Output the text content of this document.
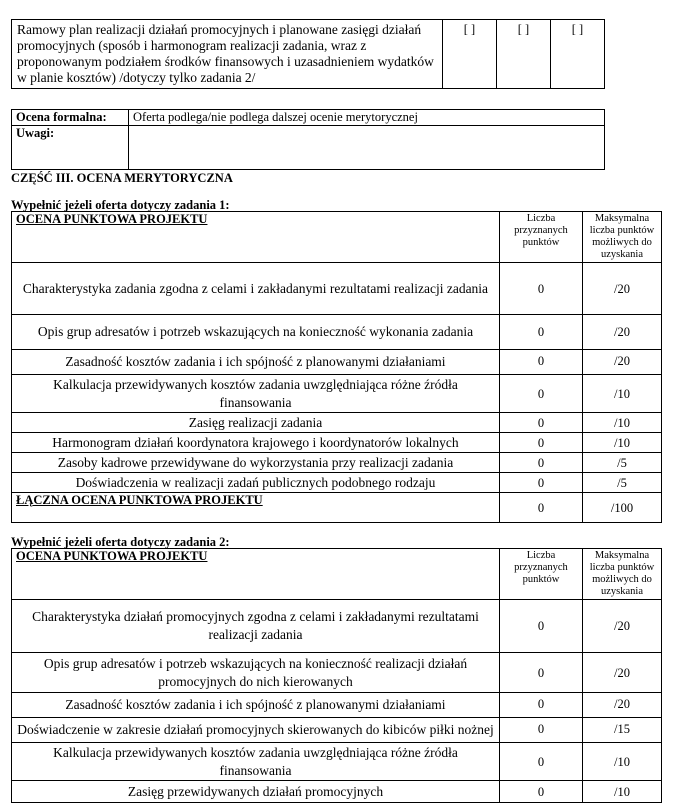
Ramowy plan realizacji działań promocyjnych i planowane zasięgi działań promocyjnych (sposób i harmonogram realizacji zadania, wraz z proponowanym podziałem środków finansowych i uzasadnieniem wydatków w planie kosztów) /dotyczy tylko zadania 2/	[ ]	[ ]	[ ]
Ocena formalna:	Oferta podlega/nie podlega dalszej ocenie merytorycznej
Uwagi:	
CZĘŚĆ III. OCENA MERYTORYCZNA
Wypełnić jeżeli oferta dotyczy zadania 1:
OCENA PUNKTOWA PROJEKTU	Liczba przyznanych punktów	Maksymalna liczba punktów możliwych do uzyskania
Charakterystyka zadania zgodna z celami i zakładanymi rezultatami realizacji zadania	0	/20
Opis grup adresatów i potrzeb wskazujących na konieczność wykonania zadania	0	/20
Zasadność kosztów zadania i ich spójność z planowanymi działaniami	0	/20
Kalkulacja przewidywanych kosztów zadania uwzględniająca różne źródła finansowania	0	/10
Zasięg realizacji zadania	0	/10
Harmonogram działań koordynatora krajowego i koordynatorów lokalnych	0	/10
Zasoby kadrowe przewidywane do wykorzystania przy realizacji zadania	0	/5
Doświadczenia w realizacji zadań publicznych podobnego rodzaju	0	/5
ŁĄCZNA OCENA PUNKTOWA PROJEKTU	0	/100
Wypełnić jeżeli oferta dotyczy zadania 2:
OCENA PUNKTOWA PROJEKTU	Liczba przyznanych punktów	Maksymalna liczba punktów możliwych do uzyskania
Charakterystyka działań promocyjnych zgodna z celami i zakładanymi rezultatami realizacji zadania	0	/20
Opis grup adresatów i potrzeb wskazujących na konieczność realizacji działań promocyjnych do nich kierowanych	0	/20
Zasadność kosztów zadania i ich spójność z planowanymi działaniami	0	/20
Doświadczenie w zakresie działań promocyjnych skierowanych do kibiców piłki nożnej	0	/15
Kalkulacja przewidywanych kosztów zadania uwzględniająca różne źródła finansowania	0	/10
Zasięg przewidywanych działań promocyjnych	0	/10
